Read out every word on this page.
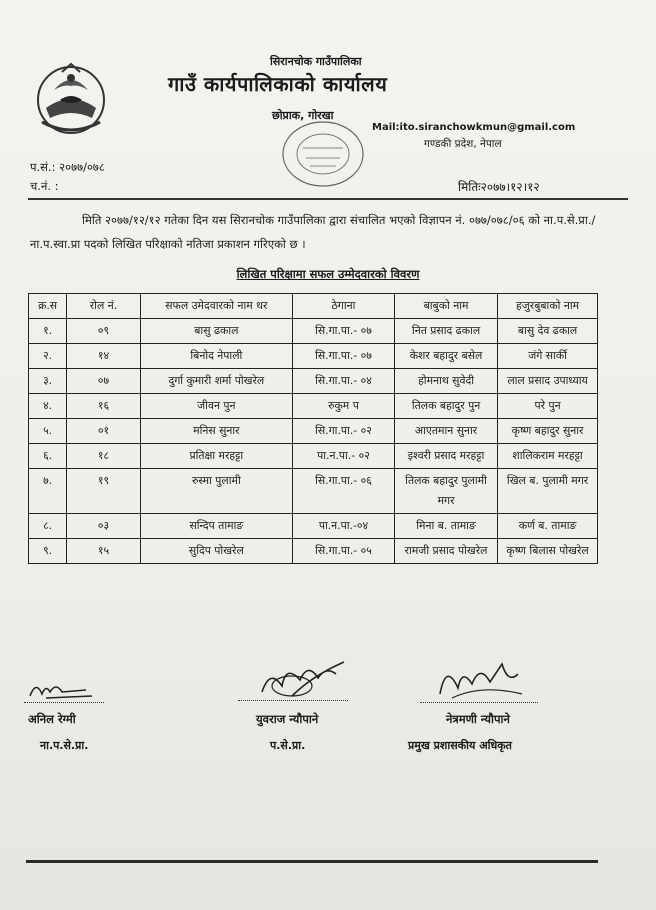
सिरानचोक गाउँपालिका
गाउँ कार्यपालिकाको कार्यालय
छोप्राक, गोरखा
Mail:ito.siranchowkmun@gmail.com
गण्डकी प्रदेश, नेपाल
प.सं.: २०७७/०७८
च.नं. :	मितिः२०७७।१२।१२
मिति २०७७/१२/१२ गतेका दिन यस सिरानचोक गाउँपालिका द्वारा संचालित भएको विज्ञापन नं. ०७७/०७८/०६ को ना.प.से.प्रा./ना.प.स्वा.प्रा पदको लिखित परिक्षाको नतिजा प्रकाशन गरिएको छ ।
लिखित परिक्षामा सफल उम्मेदवारको विवरण
क्र.स	रोल नं.	सफल उमेदवारको नाम थर	ठेगाना	बाबुको नाम	हजुरबुबाको नाम
१.	०९	बासु ढकाल	सि.गा.पा.- ०७	नित प्रसाद ढकाल	बासु देव ढकाल
२.	१४	बिनोद नेपाली	सि.गा.पा.- ०७	केशर बहादुर बसेल	जंगे सार्की
३.	०७	दुर्गा कुमारी शर्मा पोखरेल	सि.गा.पा.- ०४	होमनाथ सुवेदी	लाल प्रसाद उपाध्याय
४.	१६	जीवन पुन	रुकुम प	तिलक बहादुर पुन	परे पुन
५.	०१	मनिस सुनार	सि.गा.पा.- ०२	आएतमान सुनार	कृष्ण बहादुर सुनार
६.	१८	प्रतिक्षा मरहट्टा	पा.न.पा.- ०२	इश्वरी प्रसाद मरहट्टा	शालिकराम मरहट्टा
७.	१९	रुस्मा पुलामी	सि.गा.पा.- ०६	तिलक बहादुर पुलामी मगर	खिल ब. पुलामी मगर
८.	०३	सन्दिप तामाङ	पा.न.पा.-०४	मिना ब. तामाङ	कर्ण ब. तामाङ
९.	१५	सुदिप पोखरेल	सि.गा.पा.- ०५	रामजी प्रसाद पोखरेल	कृष्ण बिलास पोखरेल
अनिल रेग्मी
ना.प.से.प्रा.
युवराज न्यौपाने
प.से.प्रा.
नेत्रमणी न्यौपाने
प्रमुख प्रशासकीय अधिकृत
